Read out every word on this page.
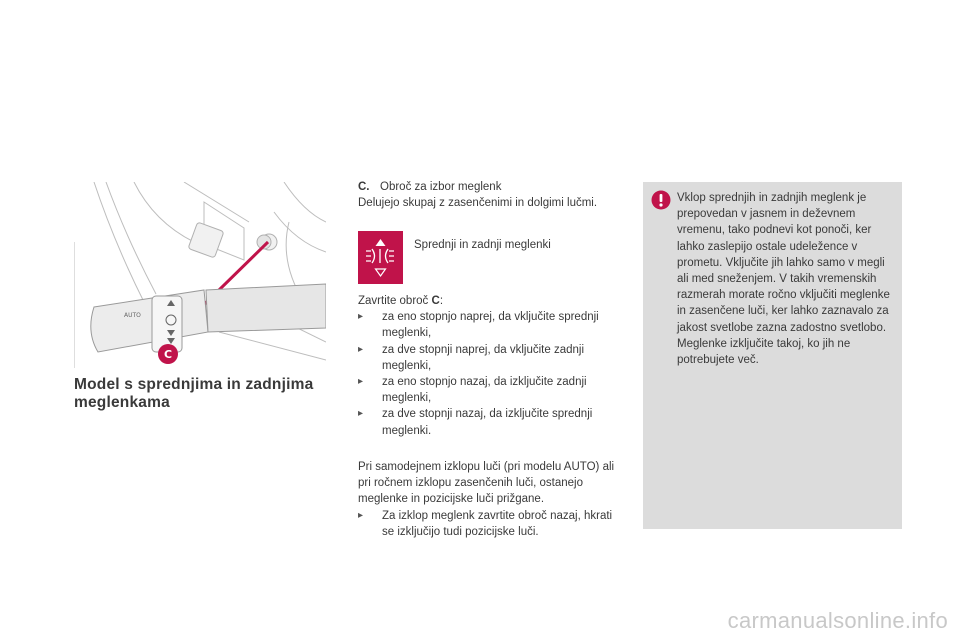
AUTO
C
Model s sprednjima in zadnjima meglenkama
C. Obroč za izbor meglenk
Delujejo skupaj z zasenčenimi in dolgimi lučmi.
Sprednji in zadnji meglenki
Zavrtite obroč C:
▸	za eno stopnjo naprej, da vključite sprednji meglenki,
▸	za dve stopnji naprej, da vključite zadnji meglenki,
▸	za eno stopnjo nazaj, da izključite zadnji meglenki,
▸	za dve stopnji nazaj, da izključite sprednji meglenki.
Pri samodejnem izklopu luči (pri modelu AUTO) ali pri ročnem izklopu zasenčenih luči, ostanejo meglenke in pozicijske luči prižgane.
▸	Za izklop meglenk zavrtite obroč nazaj, hkrati se izključijo tudi pozicijske luči.
Vklop sprednjih in zadnjih meglenk je prepovedan v jasnem in deževnem vremenu, tako podnevi kot ponoči, ker lahko zaslepijo ostale udeležence v prometu. Vključite jih lahko samo v megli ali med sneženjem. V takih vremenskih razmerah morate ročno vključiti meglenke in zasenčene luči, ker lahko zaznavalo za jakost svetlobe zazna zadostno svetlobo. Meglenke izključite takoj, ko jih ne potrebujete več.
carmanualsonline.info
